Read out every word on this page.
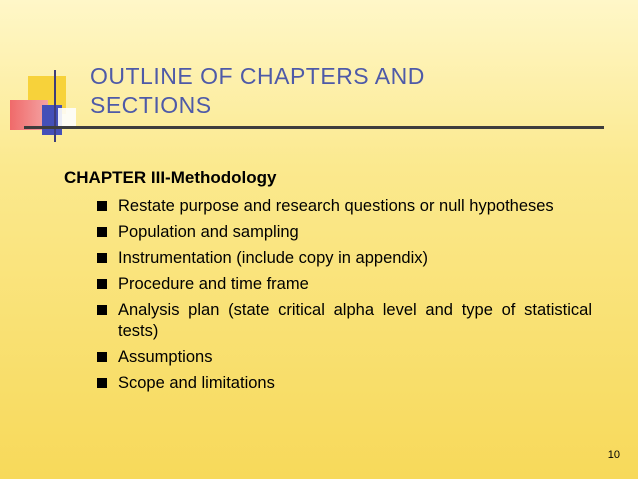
OUTLINE OF CHAPTERS AND SECTIONS
CHAPTER III-Methodology
Restate purpose and research questions or null hypotheses
Population and sampling
Instrumentation (include copy in appendix)
Procedure and time frame
Analysis plan (state critical alpha level and type of statistical tests)
Assumptions
Scope and limitations
10
